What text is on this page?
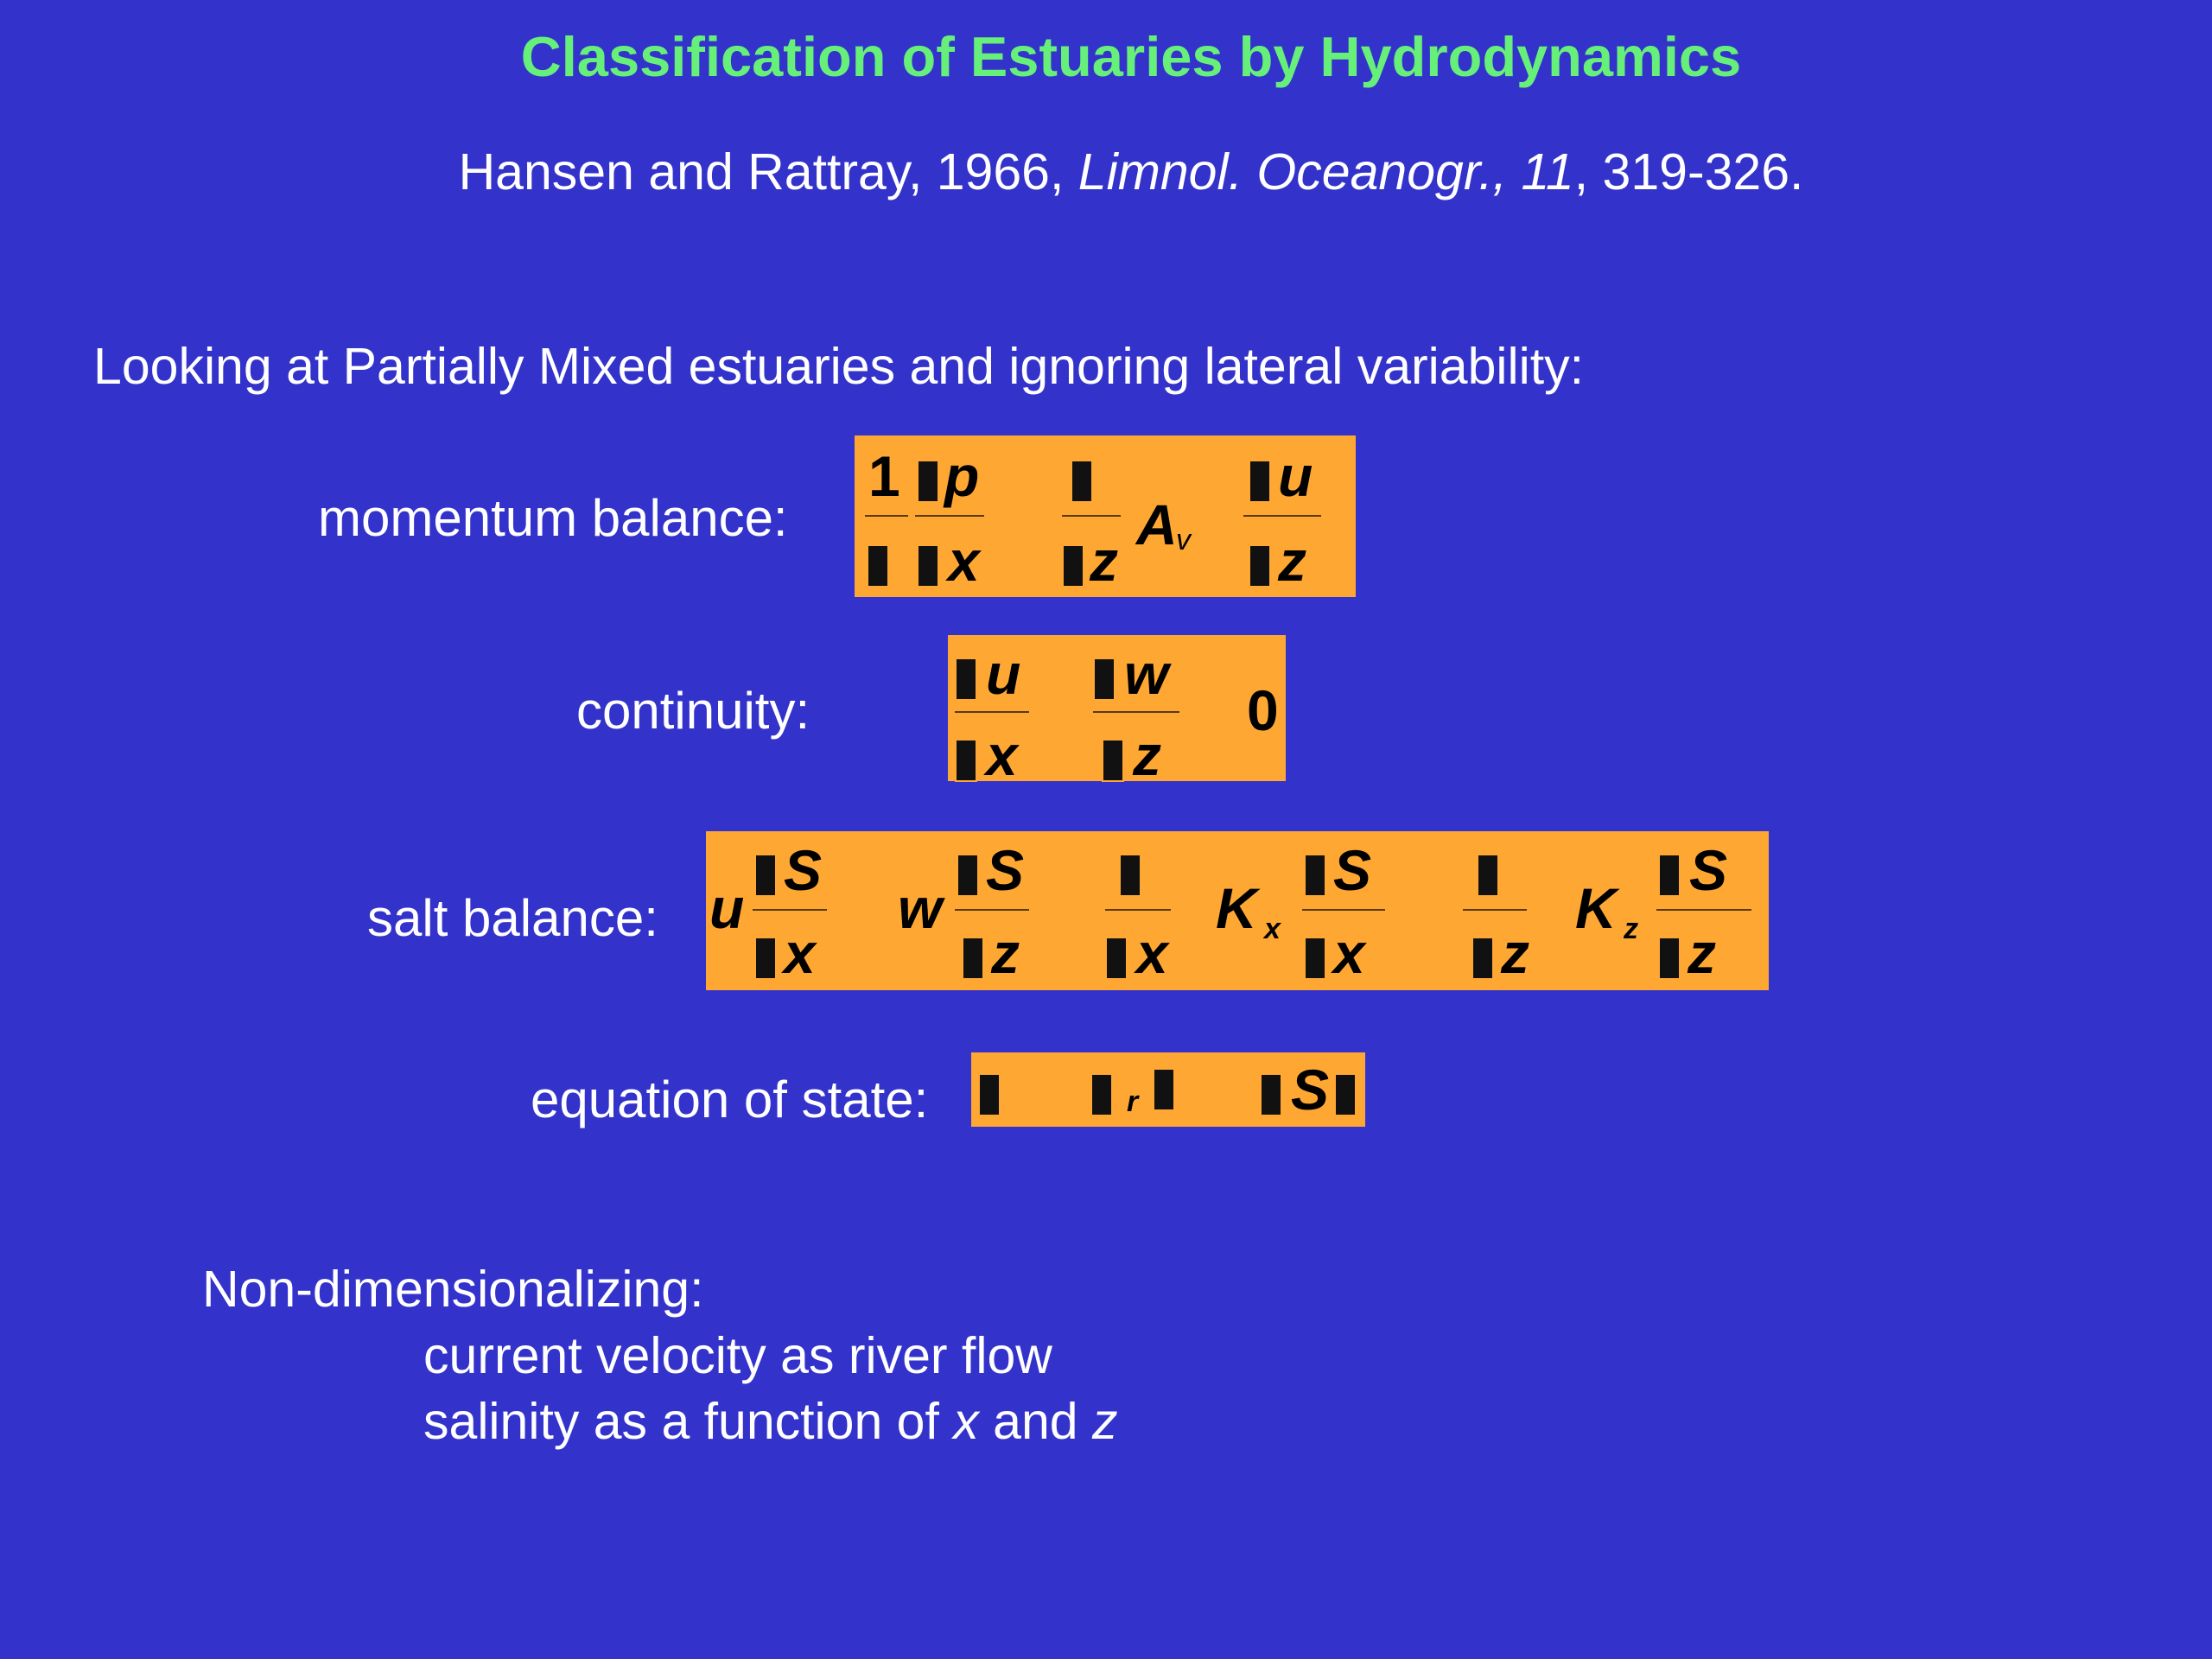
Classification of Estuaries by Hydrodynamics
Hansen and Rattray, 1966, Limnol. Oceanogr., 11, 319-326.
Looking at Partially Mixed estuaries and ignoring lateral variability:
momentum balance:
continuity:
salt balance:
equation of state:
1 p
x z
A
v
u
z
u
x
w
z
0
u
S
x
w
S
z x
K x
S
x z
K z
S
z
r	S
Non-dimensionalizing:
current velocity as river flow
salinity as a function of x and z
